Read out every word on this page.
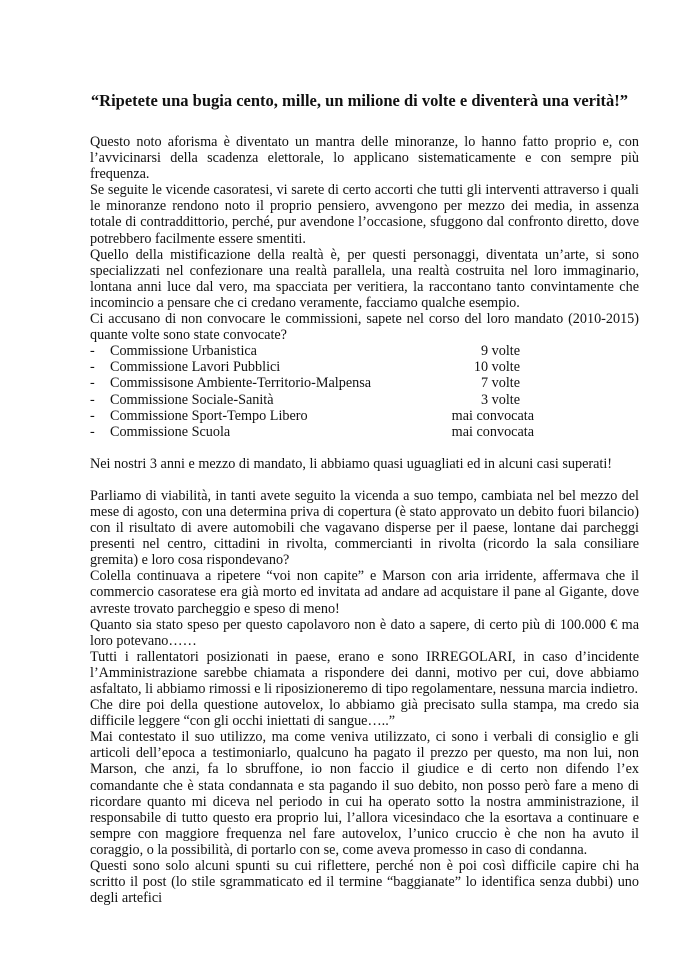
“Ripetete una bugia cento, mille, un milione di volte e diventerà una verità!”

Questo noto aforisma è diventato un mantra delle minoranze, lo hanno fatto proprio e, con l’avvicinarsi della scadenza elettorale, lo applicano sistematicamente e con sempre più frequenza.

Se seguite le vicende casoratesi, vi sarete di certo accorti che tutti gli interventi attraverso i quali le minoranze rendono noto il proprio pensiero, avvengono per mezzo dei media, in assenza totale di contraddittorio, perché, pur avendone l’occasione, sfuggono dal confronto diretto, dove potrebbero facilmente essere smentiti.

Quello della mistificazione della realtà è, per questi personaggi, diventata un’arte, si sono specializzati nel confezionare una realtà parallela, una realtà costruita nel loro immaginario, lontana anni luce dal vero, ma spacciata per veritiera, la raccontano tanto convintamente che incomincio a pensare che ci credano veramente, facciamo qualche esempio.

Ci accusano di non convocare le commissioni, sapete nel corso del loro mandato (2010-2015) quante volte sono state convocate?

- Commissione Urbanistica	9 volte
- Commissione Lavori Pubblici	10 volte
- Commissisone Ambiente-Territorio-Malpensa	7 volte
- Commissione Sociale-Sanità	3 volte
- Commissione Sport-Tempo Libero	mai convocata
- Commissione Scuola	mai convocata

Nei nostri 3 anni e mezzo di mandato, li abbiamo quasi uguagliati ed in alcuni casi superati!

Parliamo di viabilità, in tanti avete seguito la vicenda a suo tempo, cambiata nel bel mezzo del mese di agosto, con una determina priva di copertura (è stato approvato un debito fuori bilancio) con il risultato di avere automobili che vagavano disperse per il paese, lontane dai parcheggi presenti nel centro, cittadini in rivolta, commercianti in rivolta (ricordo la sala consiliare gremita) e loro cosa rispondevano?

Colella continuava a ripetere “voi non capite” e Marson con aria irridente, affermava che il commercio casoratese era già morto ed invitata ad andare ad acquistare il pane al Gigante, dove avreste trovato parcheggio e speso di meno!

Quanto sia stato speso per questo capolavoro non è dato a sapere, di certo più di 100.000 € ma loro potevano……

Tutti i rallentatori posizionati in paese, erano e sono IRREGOLARI, in caso d’incidente l’Amministrazione sarebbe chiamata a rispondere dei danni, motivo per cui, dove abbiamo asfaltato, li abbiamo rimossi e li riposizioneremo di tipo regolamentare, nessuna marcia indietro.

Che dire poi della questione autovelox, lo abbiamo già precisato sulla stampa, ma credo sia difficile leggere “con gli occhi iniettati di sangue…..”

Mai contestato il suo utilizzo, ma come veniva utilizzato, ci sono i verbali di consiglio e gli articoli dell’epoca a testimoniarlo, qualcuno ha pagato il prezzo per questo, ma non lui, non Marson, che anzi, fa lo sbruffone, io non faccio il giudice e di certo non difendo l’ex comandante che è stata condannata e sta pagando il suo debito, non posso però fare a meno di ricordare quanto mi diceva nel periodo in cui ha operato sotto la nostra amministrazione, il responsabile di tutto questo era proprio lui, l’allora vicesindaco che la esortava a continuare e sempre con maggiore frequenza nel fare autovelox, l’unico cruccio è che non ha avuto il coraggio, o la possibilità, di portarlo con se, come aveva promesso in caso di condanna.

Questi sono solo alcuni spunti su cui riflettere, perché non è poi così difficile capire chi ha scritto il post (lo stile sgrammaticato ed il termine “baggianate” lo identifica senza dubbi) uno degli artefici
